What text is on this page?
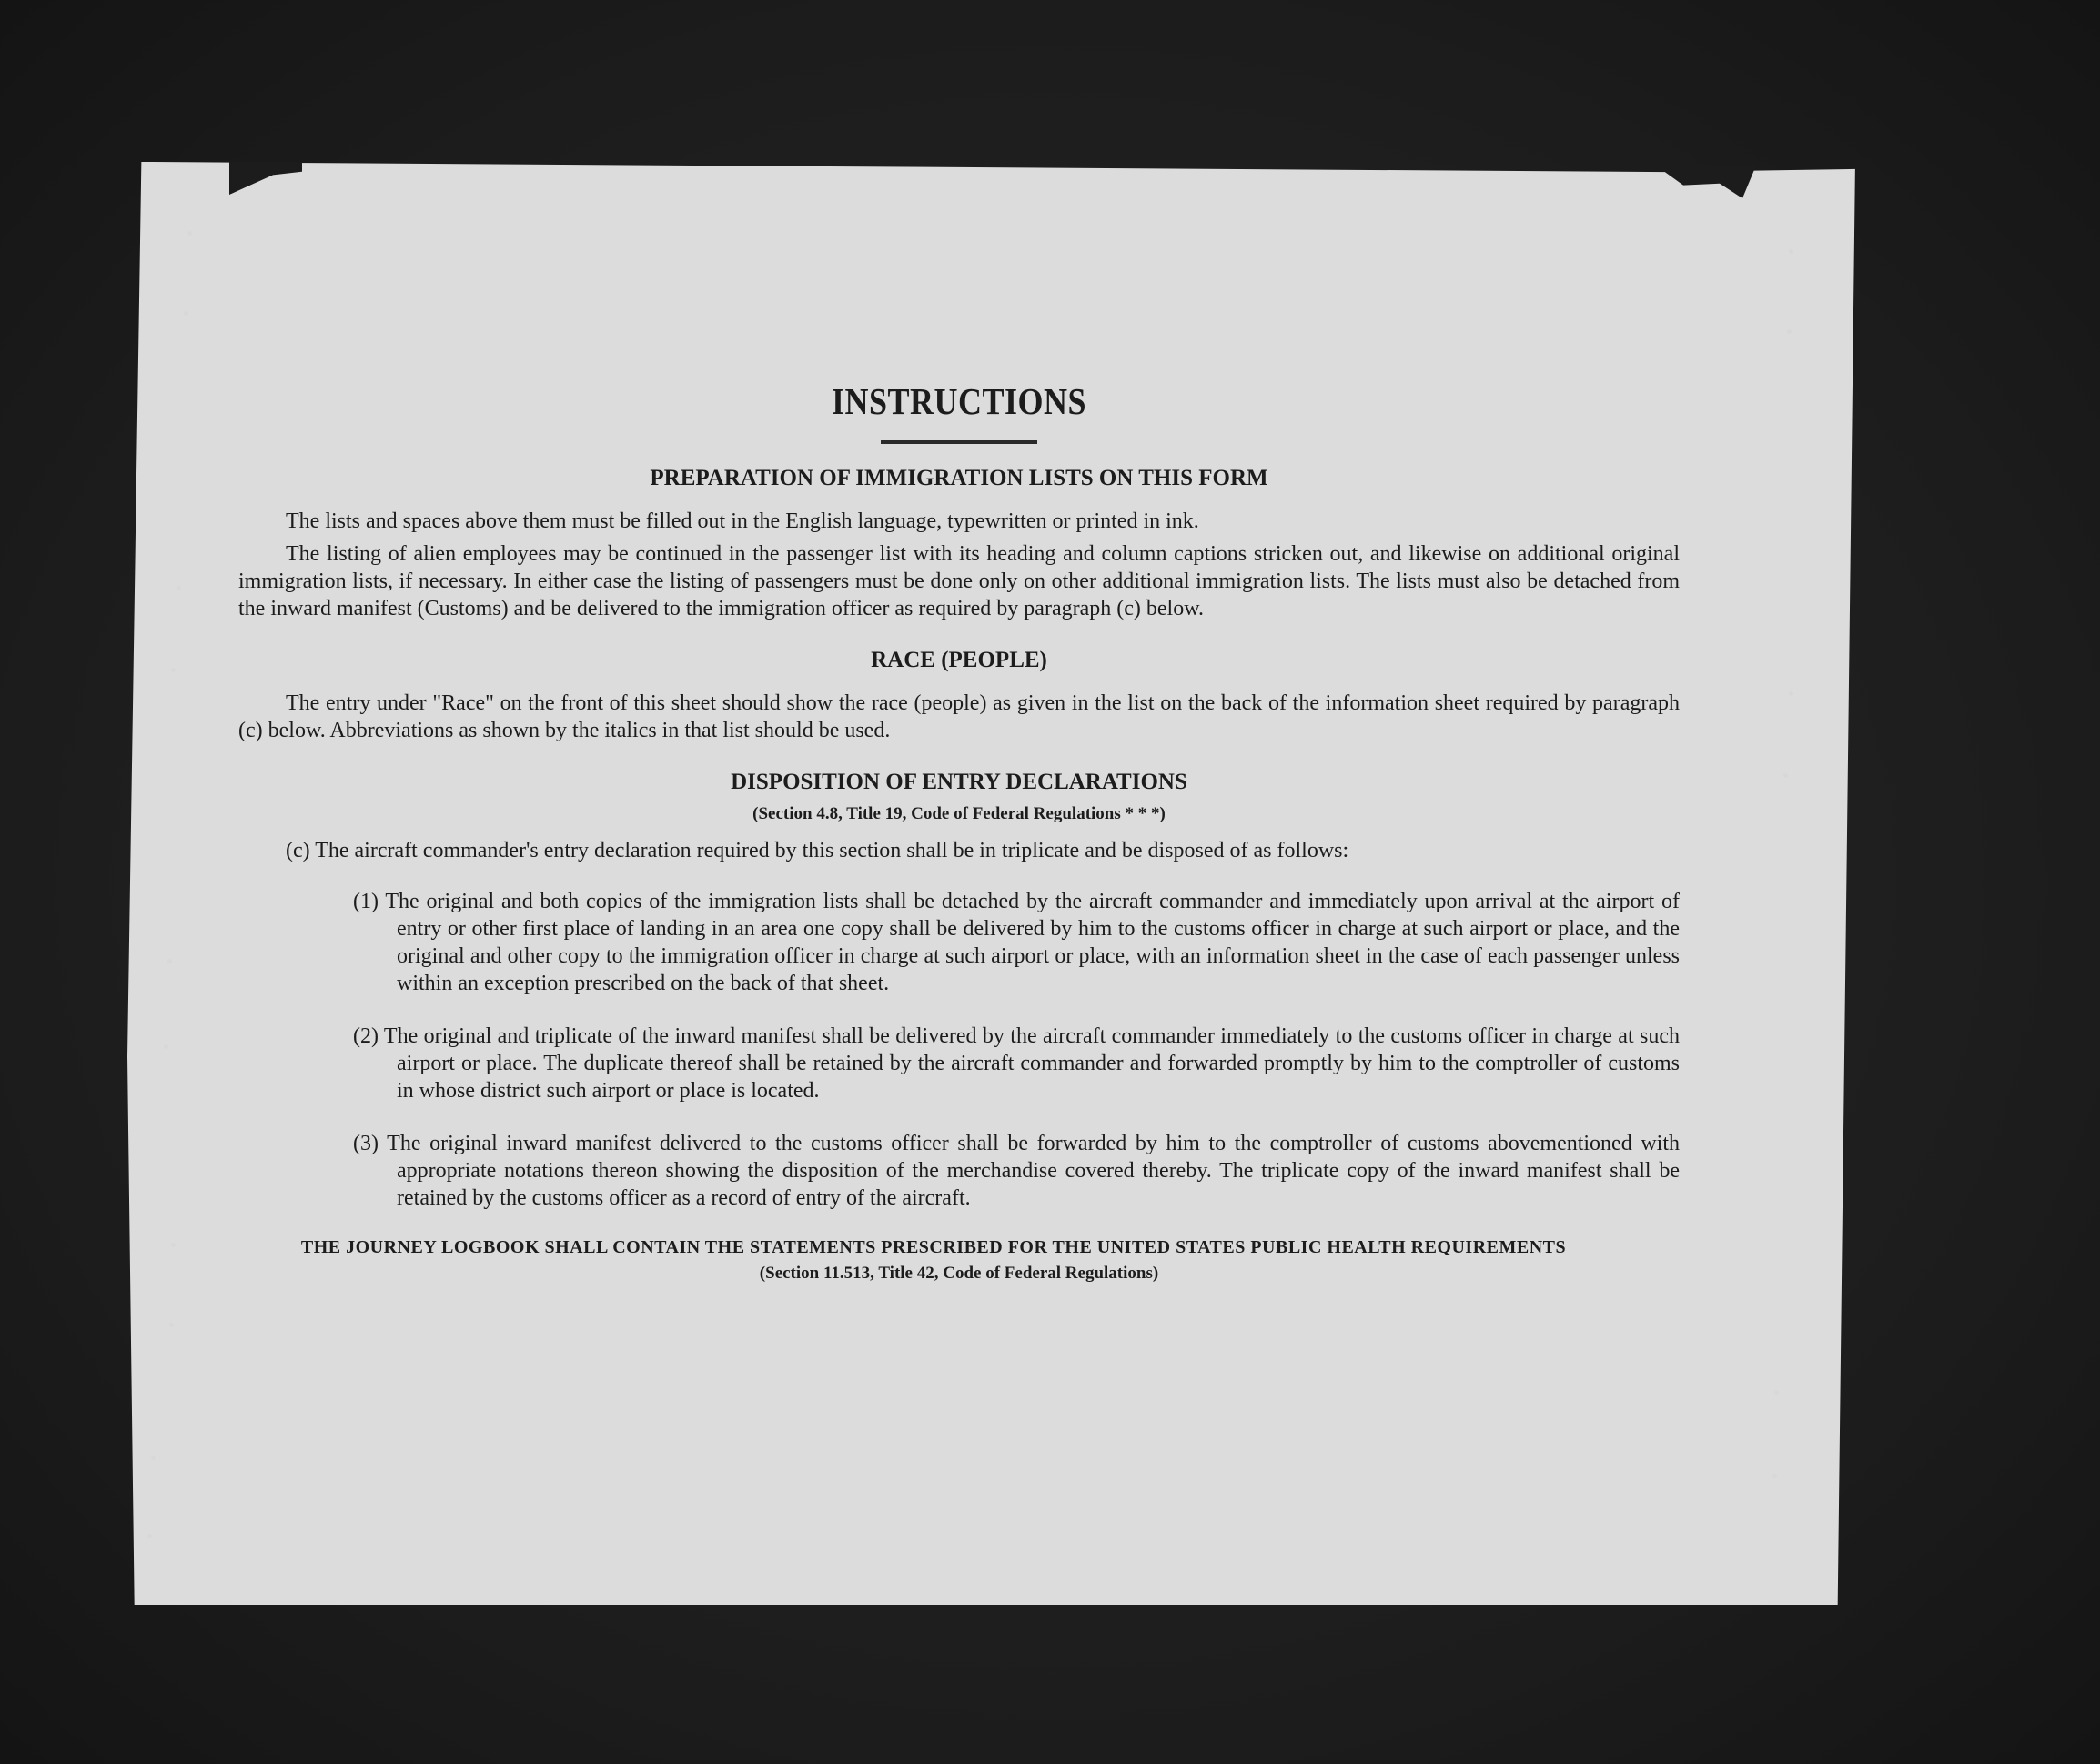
INSTRUCTIONS
PREPARATION OF IMMIGRATION LISTS ON THIS FORM

The lists and spaces above them must be filled out in the English language, typewritten or printed in ink.

The listing of alien employees may be continued in the passenger list with its heading and column captions stricken out, and likewise on additional original immigration lists, if necessary. In either case the listing of passengers must be done only on other additional immigration lists. The lists must also be detached from the inward manifest (Customs) and be delivered to the immigration officer as required by paragraph (c) below.

RACE (PEOPLE)

The entry under "Race" on the front of this sheet should show the race (people) as given in the list on the back of the information sheet required by paragraph (c) below. Abbreviations as shown by the italics in that list should be used.

DISPOSITION OF ENTRY DECLARATIONS
(Section 4.8, Title 19, Code of Federal Regulations * * *)

(c) The aircraft commander's entry declaration required by this section shall be in triplicate and be disposed of as follows:

(1) The original and both copies of the immigration lists shall be detached by the aircraft commander and immediately upon arrival at the airport of entry or other first place of landing in an area one copy shall be delivered by him to the customs officer in charge at such airport or place, and the original and other copy to the immigration officer in charge at such airport or place, with an information sheet in the case of each passenger unless within an exception prescribed on the back of that sheet.

(2) The original and triplicate of the inward manifest shall be delivered by the aircraft commander immediately to the customs officer in charge at such airport or place. The duplicate thereof shall be retained by the aircraft commander and forwarded promptly by him to the comptroller of customs in whose district such airport or place is located.

(3) The original inward manifest delivered to the customs officer shall be forwarded by him to the comptroller of customs abovementioned with appropriate notations thereon showing the disposition of the merchandise covered thereby. The triplicate copy of the inward manifest shall be retained by the customs officer as a record of entry of the aircraft.

THE JOURNEY LOGBOOK SHALL CONTAIN THE STATEMENTS PRESCRIBED FOR THE UNITED STATES PUBLIC HEALTH REQUIREMENTS
(Section 11.513, Title 42, Code of Federal Regulations)
